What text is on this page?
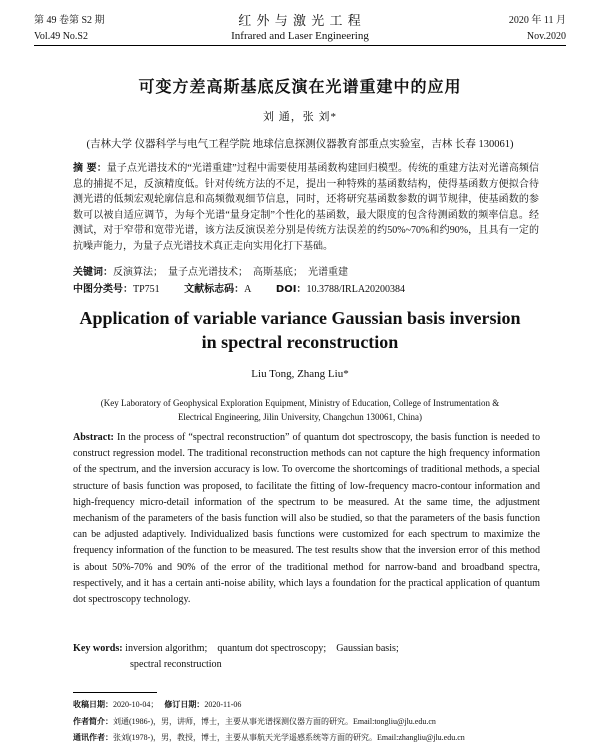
第 49 卷第 S2 期	红 外 与 激 光 工 程	2020 年 11 月
Vol.49 No.S2	Infrared and Laser Engineering	Nov.2020
可变方差高斯基底反演在光谱重建中的应用
刘 通，张 刘*
(吉林大学 仪器科学与电气工程学院 地球信息探测仪器教育部重点实验室，吉林 长春 130061)
摘 要：量子点光谱技术的“光谱重建”过程中需要使用基函数构建回归模型。传统的重建方法对光谱高频信息的捕捉不足，反演精度低。针对传统方法的不足，提出一种特殊的基函数结构，使得基函数方便拟合待测光谱的低频宏观轮廓信息和高频微观细节信息，同时，还将研究基函数参数的调节规律，使基函数的参数可以被自适应调节，为每个光谱“量身定制”个性化的基函数，最大限度的包含待测函数的频率信息。经测试，对于窄带和宽带光谱，该方法反演误差分别是传统方法误差的约50%~70%和约90%，且具有一定的抗噪声能力，为量子点光谱技术真正走向实用化打下基础。
关键词：反演算法；　量子点光谱技术；　高斯基底；　光谱重建
中图分类号：TP751 文献标志码：A DOI：10.3788/IRLA20200384
Application of variable variance Gaussian basis inversion
in spectral reconstruction
Liu Tong, Zhang Liu*
(Key Laboratory of Geophysical Exploration Equipment, Ministry of Education, College of Instrumentation & Electrical Engineering, Jilin University, Changchun 130061, China)
Abstract: In the process of “spectral reconstruction” of quantum dot spectroscopy, the basis function is needed to construct regression model. The traditional reconstruction methods can not capture the high frequency information of the spectrum, and the inversion accuracy is low. To overcome the shortcomings of traditional methods, a special structure of basis function was proposed, to facilitate the fitting of low-frequency macro-contour information and high-frequency micro-detail information of the spectrum to be measured. At the same time, the adjustment mechanism of the parameters of the basis function will also be studied, so that the parameters of the basis function can be adjusted adaptively. Individualized basis functions were customized for each spectrum to maximize the frequency information of the function to be measured. The test results show that the inversion error of this method is about 50%-70% and 90% of the error of the traditional method for narrow-band and broadband spectra, respectively, and it has a certain anti-noise ability, which lays a foundation for the practical application of quantum dot spectroscopy technology.
Key words: inversion algorithm;　quantum dot spectroscopy;　Gaussian basis;
spectral reconstruction
收稿日期：2020-10-04； 修订日期：2020-11-06
作者简介：刘通(1986-)，男，讲师，博士，主要从事光谱探测仪器方面的研究。Email:tongliu@jlu.edu.cn
通讯作者：张刘(1978-)，男，教授，博士，主要从事航天光学遥感系统等方面的研究。Email:zhangliu@jlu.edu.cn
